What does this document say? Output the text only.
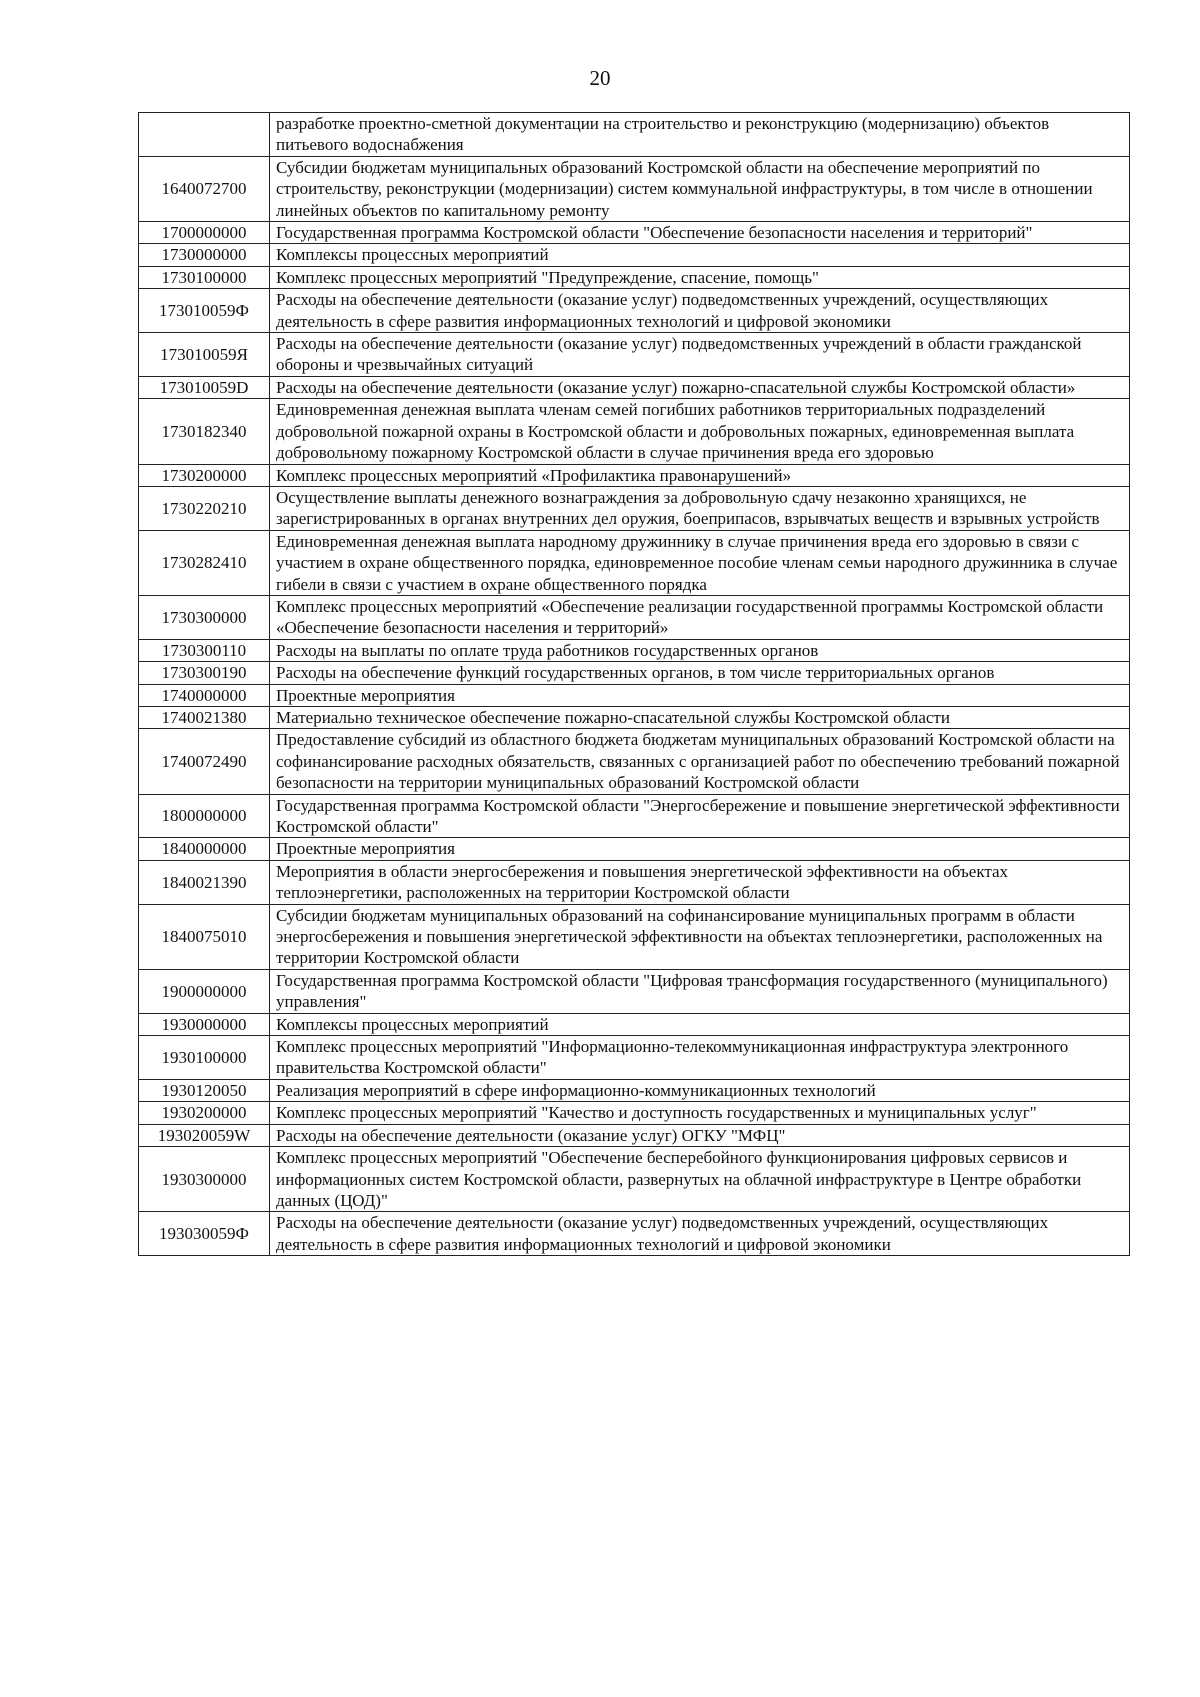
20
	разработке проектно-сметной документации на строительство и реконструкцию (модернизацию) объектов питьевого водоснабжения
1640072700	Субсидии бюджетам муниципальных образований Костромской области на обеспечение мероприятий по строительству, реконструкции (модернизации) систем коммунальной инфраструктуры, в том числе в отношении линейных объектов по капитальному ремонту
1700000000	Государственная программа Костромской области "Обеспечение безопасности населения и территорий"
1730000000	Комплексы процессных мероприятий
1730100000	Комплекс процессных мероприятий "Предупреждение, спасение, помощь"
173010059Ф	Расходы на обеспечение деятельности (оказание услуг) подведомственных учреждений, осуществляющих деятельность в сфере развития информационных технологий и цифровой экономики
173010059Я	Расходы на обеспечение деятельности (оказание услуг) подведомственных учреждений в области гражданской обороны и чрезвычайных ситуаций
173010059D	Расходы на обеспечение деятельности (оказание услуг) пожарно-спасательной службы Костромской области»
1730182340	Единовременная денежная выплата членам семей погибших работников территориальных подразделений добровольной пожарной охраны в Костромской области и добровольных пожарных, единовременная выплата добровольному пожарному Костромской области в случае причинения вреда его здоровью
1730200000	Комплекс процессных мероприятий «Профилактика правонарушений»
1730220210	Осуществление выплаты денежного вознаграждения за добровольную сдачу незаконно хранящихся, не зарегистрированных в органах внутренних дел оружия, боеприпасов, взрывчатых веществ и взрывных устройств
1730282410	Единовременная денежная выплата народному дружиннику в случае причинения вреда его здоровью в связи с участием в охране общественного порядка, единовременное пособие членам семьи народного дружинника в случае гибели в связи с участием в охране общественного порядка
1730300000	Комплекс процессных мероприятий «Обеспечение реализации государственной программы Костромской области «Обеспечение безопасности населения и территорий»
1730300110	Расходы на выплаты по оплате труда работников государственных органов
1730300190	Расходы на обеспечение функций государственных органов, в том числе территориальных органов
1740000000	Проектные мероприятия
1740021380	Материально техническое обеспечение пожарно-спасательной службы Костромской области
1740072490	Предоставление субсидий из областного бюджета бюджетам муниципальных образований Костромской области на софинансирование расходных обязательств, связанных с организацией работ по обеспечению требований пожарной безопасности на территории муниципальных образований Костромской области
1800000000	Государственная программа Костромской области "Энергосбережение и повышение энергетической эффективности Костромской области"
1840000000	Проектные мероприятия
1840021390	Мероприятия в области энергосбережения и повышения энергетической эффективности на объектах теплоэнергетики, расположенных на территории Костромской области
1840075010	Субсидии бюджетам муниципальных образований на софинансирование муниципальных программ в области энергосбережения и повышения энергетической эффективности на объектах теплоэнергетики, расположенных на территории Костромской области
1900000000	Государственная программа Костромской области "Цифровая трансформация государственного (муниципального) управления"
1930000000	Комплексы процессных мероприятий
1930100000	Комплекс процессных мероприятий "Информационно-телекоммуникационная инфраструктура электронного правительства Костромской области"
1930120050	Реализация мероприятий в сфере информационно-коммуникационных технологий
1930200000	Комплекс процессных мероприятий "Качество и доступность государственных и муниципальных услуг"
193020059W	Расходы на обеспечение деятельности (оказание услуг) ОГКУ "МФЦ"
1930300000	Комплекс процессных мероприятий "Обеспечение бесперебойного функционирования цифровых сервисов и информационных систем Костромской области, развернутых на облачной инфраструктуре в Центре обработки данных (ЦОД)"
193030059Ф	Расходы на обеспечение деятельности (оказание услуг) подведомственных учреждений, осуществляющих деятельность в сфере развития информационных технологий и цифровой экономики
